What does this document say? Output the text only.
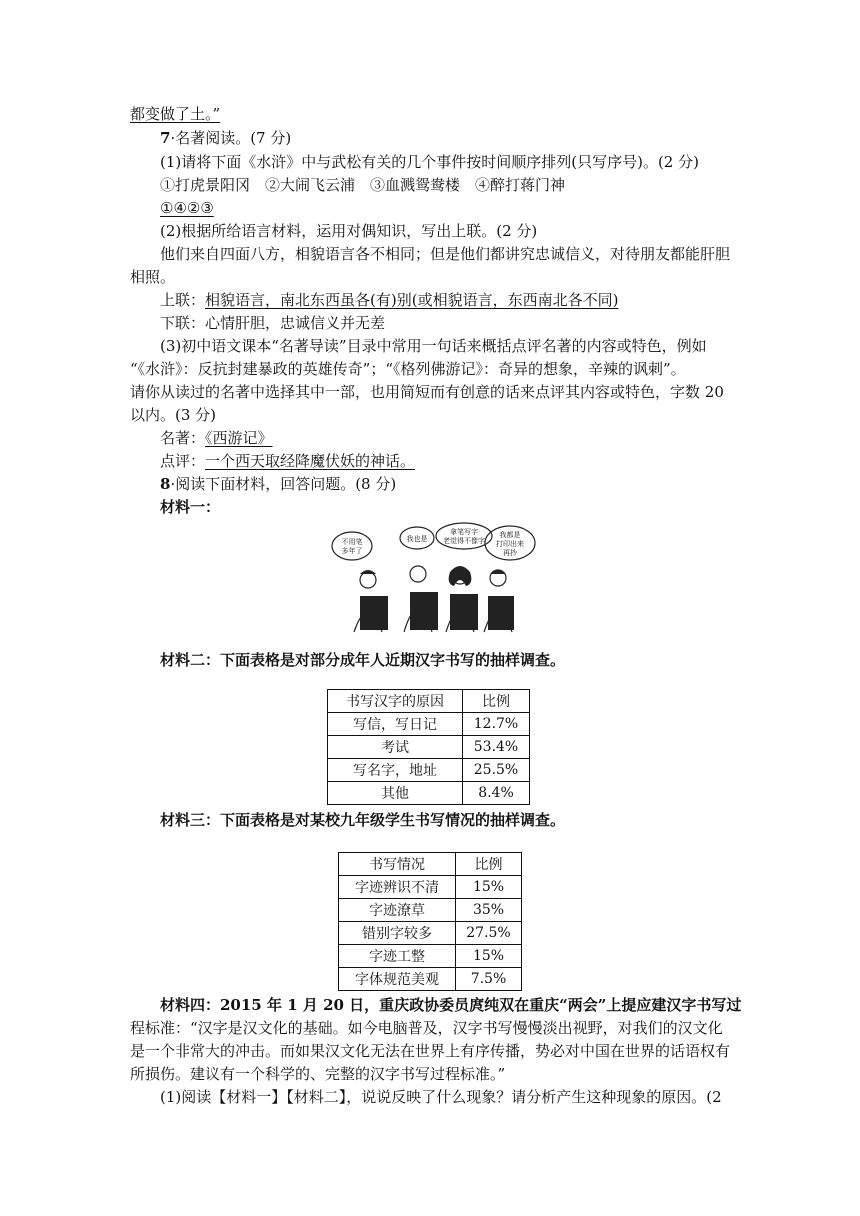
都变做了土。”
7·名著阅读。(7 分)
(1)请将下面《水浒》中与武松有关的几个事件按时间顺序排列(只写序号)。(2 分)
①打虎景阳冈　②大闹飞云浦　③血溅鸳鸯楼　④醉打蒋门神
①④②③
(2)根据所给语言材料，运用对偶知识，写出上联。(2 分)
他们来自四面八方，相貌语言各不相同；但是他们都讲究忠诚信义，对待朋友都能肝胆
相照。
上联：相貌语言，南北东西虽各(有)别(或相貌语言，东西南北各不同)
下联：心情肝胆，忠诚信义并无差
(3)初中语文课本“名著导读”目录中常用一句话来概括点评名著的内容或特色，例如
“《水浒》：反抗封建暴政的英雄传奇”；“《格列佛游记》：奇异的想象，辛辣的讽刺”。
请你从读过的名著中选择其中一部，也用简短而有创意的话来点评其内容或特色，字数 20
以内。(3 分)
名著：《西游记》
点评：一个西天取经降魔伏妖的神话。
8·阅读下面材料，回答问题。(8 分)
材料一：
不用笔
多年了
我也是
拿笔写字
老觉得不像字
我都是
打印出来
再抄
材料二：下面表格是对部分成年人近期汉字书写的抽样调查。
书写汉字的原因	比例
写信，写日记	12.7%
考试	53.4%
写名字，地址	25.5%
其他	8.4%
材料三：下面表格是对某校九年级学生书写情况的抽样调查。
书写情况	比例
字迹辨识不清	15%
字迹潦草	35%
错别字较多	27.5%
字迹工整	15%
字体规范美观	7.5%
材料四：2015 年 1 月 20 日，重庆政协委员庹纯双在重庆“两会”上提应建汉字书写过
程标准：“汉字是汉文化的基础。如今电脑普及，汉字书写慢慢淡出视野，对我们的汉文化
是一个非常大的冲击。而如果汉文化无法在世界上有序传播，势必对中国在世界的话语权有
所损伤。建议有一个科学的、完整的汉字书写过程标准。”
(1)阅读【材料一】【材料二】，说说反映了什么现象？请分析产生这种现象的原因。(2
